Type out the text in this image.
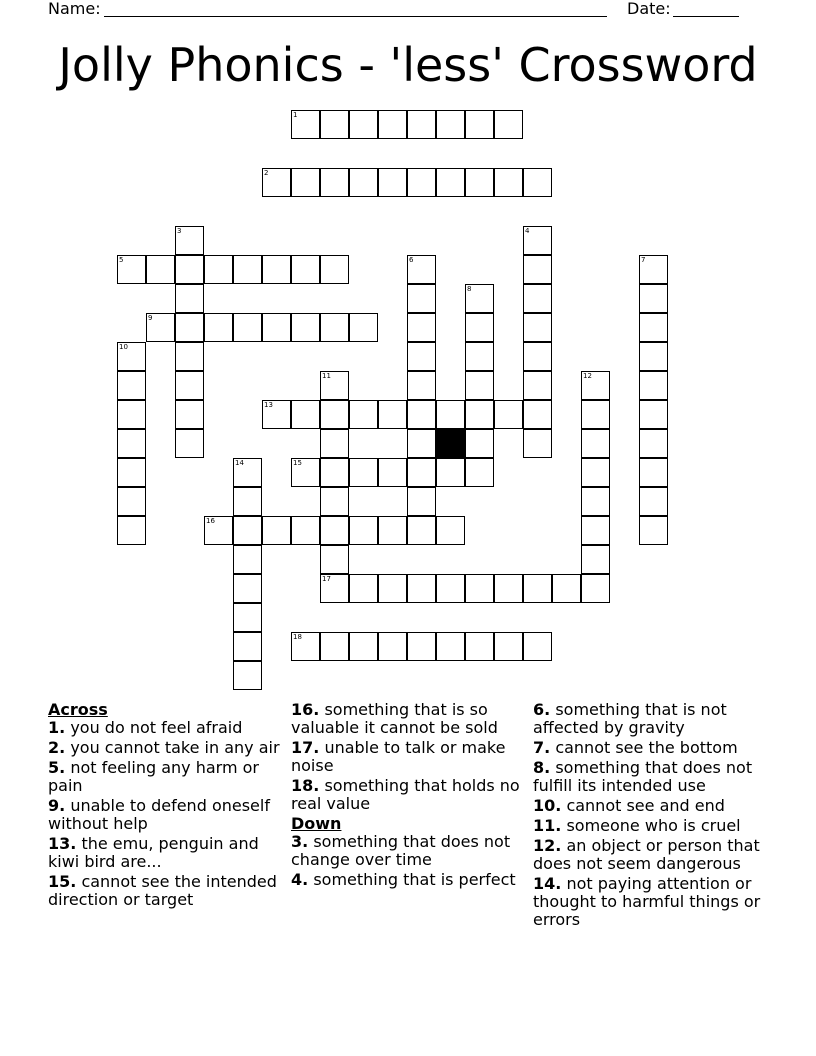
Name:	Date:
Jolly Phonics - 'less' Crossword
1
2
3	4
5	6	7
8
9
10
11
17
12
13
14	15
16
18
Across
1. you do not feel afraid
2. you cannot take in any air
5. not feeling any harm or pain
9. unable to defend oneself without help
13. the emu, penguin and kiwi bird are...
15. cannot see the intended direction or target
16. something that is so valuable it cannot be sold
17. unable to talk or make noise
18. something that holds no real value
Down
3. something that does not change over time
4. something that is perfect
6. something that is not affected by gravity
7. cannot see the bottom
8. something that does not fulfill its intended use
10. cannot see and end
11. someone who is cruel
12. an object or person that does not seem dangerous
14. not paying attention or thought to harmful things or errors
